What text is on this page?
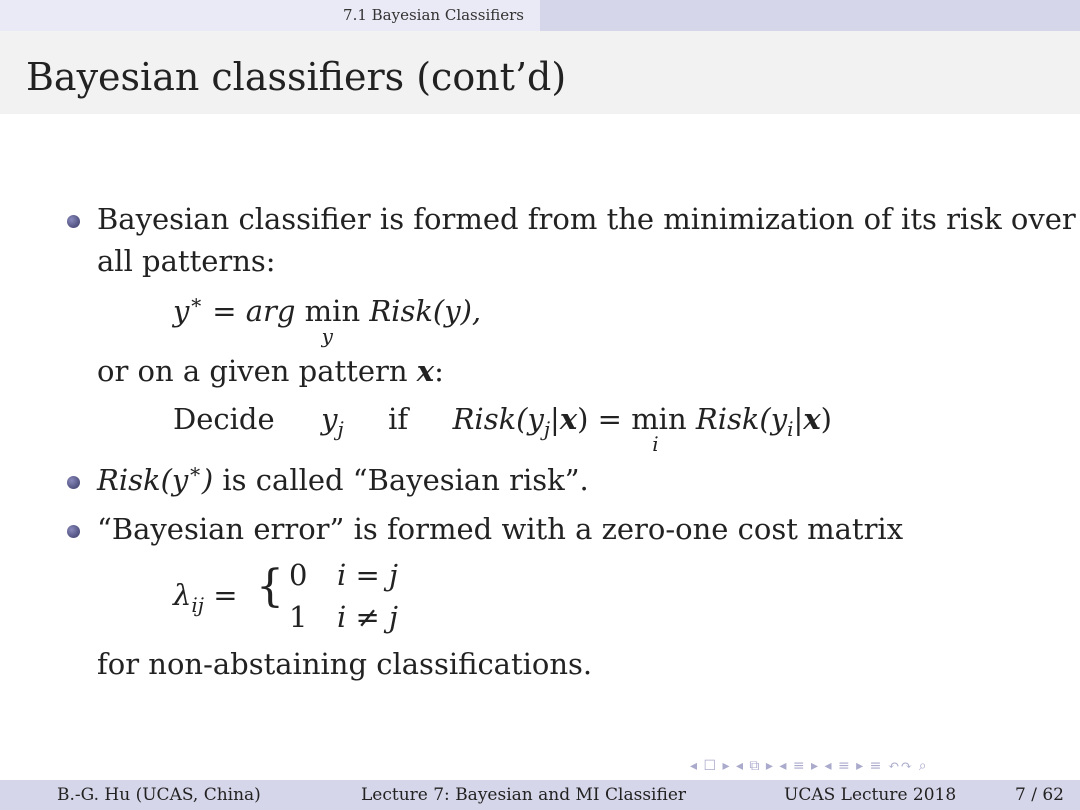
7.1 Bayesian Classifiers
Bayesian classifiers (cont’d)
Bayesian classifier is formed from the minimization of its risk over
all patterns:
y∗ = arg min
y
Risk(y),
or on a given pattern x:
Decide $y_j$ if $Risk(y_j|x) = \min$
i
$Risk(y_i|x)$
Risk(y∗) is called “Bayesian risk”.
“Bayesian error” is formed with a zero-one cost matrix
$\lambda_{ij}$ = { 0 i = j
1 i ≠ j
for non-abstaining classifications.
◂ ☐ ▸ ◂ ⧉ ▸ ◂ ≡ ▸ ◂ ≡ ▸ ≡ ↶↷ ⌕
B.-G. Hu (UCAS, China)	Lecture 7: Bayesian and MI Classifier	UCAS Lecture 2018	7 / 62
